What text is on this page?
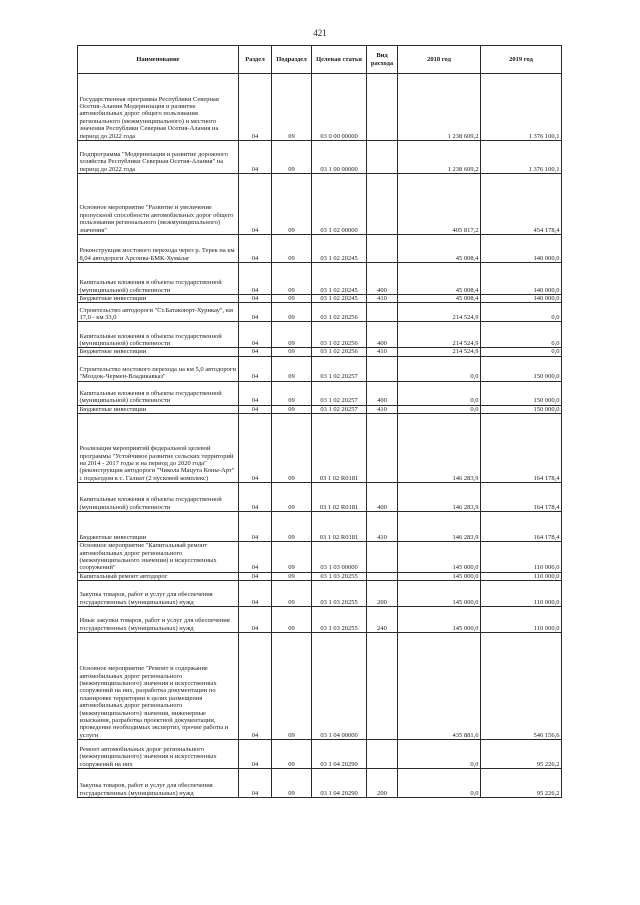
421
Наименование	Раздел	Подраздел	Целевая статья	Вид расхода	2018 год	2019 год
Государственная программа Республики Северная Осетия-Алания Модернизация и развитие автомобильных дорог общего пользования регионального (межмуниципального) и местного значения Республики Северная Осетия-Алания на период до 2022 года	04	09	03 0 00 00000		1 238 609,2	1 376 100,1
Подпрограмма "Модернизация и развитие дорожного хозяйства Республики Северная Осетия-Алания" на период до 2022 года	04	09	03 1 00 00000		1 238 609,2	1 376 100,1
Основное мероприятие "Развитие и увеличение пропускной способности автомобильных дорог общего пользования регионального (межмуниципального) значения"	04	09	03 1 02 00000		405 817,2	454 178,4
Реконструкция мостового перехода через р. Терек на км 8,04 автодороги Арсонва-БМК-Хумалаг	04	09	03 1 02 20245		45 008,4	140 000,0
Капитальные вложения в объекты государственной (муниципальной) собственности	04	09	03 1 02 20245	400	45 008,4	140 000,0
Бюджетные инвестиции	04	09	03 1 02 20245	410	45 008,4	140 000,0
Строительство автодороги "Ст.Батакоюрт-Хурикау", км 17,0 - км 33,0	04	09	03 1 02 20256		214 524,9	0,0
Капитальные вложения в объекты государственной (муниципальной) собственности	04	09	03 1 02 20256	400	214 524,9	0,0
Бюджетные инвестиции	04	09	03 1 02 20256	410	214 524,9	0,0
Строительство мостового перехода на км 5,0 автодороги "Моздок-Чермен-Владикавказ"	04	09	03 1 02 20257		0,0	150 000,0
Капитальные вложения в объекты государственной (муниципальной) собственности	04	09	03 1 02 20257	400	0,0	150 000,0
Бюджетные инвестиции	04	09	03 1 02 20257	410	0,0	150 000,0
Реализация мероприятий федеральной целевой программы "Устойчивое развитие сельских территорий на 2014 - 2017 годы и на период до 2020 года" (реконструкция автодороги "Чикола Мацута Коны-Арт" с подъездом к с. Галиат (2 пусковой комплекс)	04	09	03 1 02 R0181		146 283,9	164 178,4
Капитальные вложения в объекты государственной (муниципальной) собственности	04	09	03 1 02 R0181	400	146 283,9	164 178,4
Бюджетные инвестиции	04	09	03 1 02 R0181	410	146 283,9	164 178,4
Основное мероприятие "Капитальный ремонт автомобильных дорог регионального (межмуниципального значения) и искусственных сооружений"	04	09	03 1 03 00000		145 000,0	110 000,0
Капитальный ремонт автодорог	04	09	03 1 03 20255		145 000,0	110 000,0
Закупка товаров, работ и услуг для обеспечения государственных (муниципальных) нужд	04	09	03 1 03 20255	200	145 000,0	110 000,0
Иные закупки товаров, работ и услуг для обеспечения государственных (муниципальных) нужд	04	09	03 1 03 20255	240	145 000,0	110 000,0
Основное мероприятие "Ремонт и содержание автомобильных дорог регионального (межмуниципального) значения и искусственных сооружений на них, разработка документации по планировке территории в целях размещения автомобильных дорог регионального (межмуниципального) значения, инженерные изыскания, разработка проектной документации, проведение необходимых экспертиз, прочие работы и услуги	04	09	03 1 04 00000		435 881,6	546 156,6
Ремонт автомобильных дорог регионального (межмуниципального) значения и искусственных сооружений на них	04	09	03 1 04 20290		0,0	95 226,2
Закупка товаров, работ и услуг для обеспечения государственных (муниципальных) нужд	04	09	03 1 04 20290	200	0,0	95 226,2
